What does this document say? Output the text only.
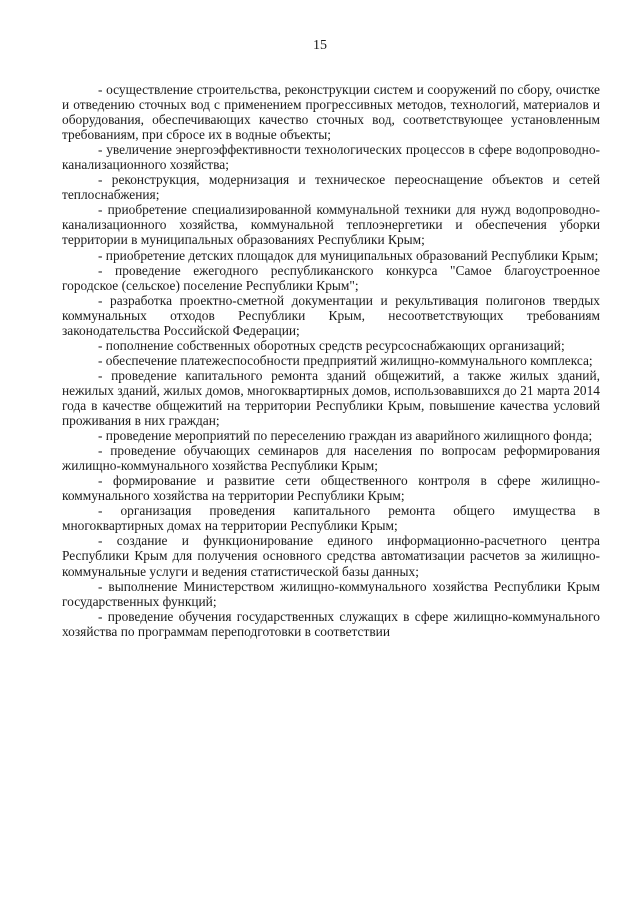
15

- осуществление строительства, реконструкции систем и сооружений по сбору, очистке и отведению сточных вод с применением прогрессивных методов, технологий, материалов и оборудования, обеспечивающих качество сточных вод, соответствующее установленным требованиям, при сбросе их в водные объекты;

- увеличение энергоэффективности технологических процессов в сфере водопроводно-канализационного хозяйства;

- реконструкция, модернизация и техническое переоснащение объектов и сетей теплоснабжения;

- приобретение специализированной коммунальной техники для нужд водопроводно-канализационного хозяйства, коммунальной теплоэнергетики и обеспечения уборки территории в муниципальных образованиях Республики Крым;

- приобретение детских площадок для муниципальных образований Республики Крым;

- проведение ежегодного республиканского конкурса "Самое благоустроенное городское (сельское) поселение Республики Крым";

- разработка проектно-сметной документации и рекультивация полигонов твердых коммунальных отходов Республики Крым, несоответствующих требованиям законодательства Российской Федерации;

- пополнение собственных оборотных средств ресурсоснабжающих организаций;

- обеспечение платежеспособности предприятий жилищно-коммунального комплекса;

- проведение капитального ремонта зданий общежитий, а также жилых зданий, нежилых зданий, жилых домов, многоквартирных домов, использовавшихся до 21 марта 2014 года в качестве общежитий на территории Республики Крым, повышение качества условий проживания в них граждан;

- проведение мероприятий по переселению граждан из аварийного жилищного фонда;

- проведение обучающих семинаров для населения по вопросам реформирования жилищно-коммунального хозяйства Республики Крым;

- формирование и развитие сети общественного контроля в сфере жилищно-коммунального хозяйства на территории Республики Крым;

- организация проведения капитального ремонта общего имущества в многоквартирных домах на территории Республики Крым;

- создание и функционирование единого информационно-расчетного центра Республики Крым для получения основного средства автоматизации расчетов за жилищно-коммунальные услуги и ведения статистической базы данных;

- выполнение Министерством жилищно-коммунального хозяйства Республики Крым государственных функций;

- проведение обучения государственных служащих в сфере жилищно-коммунального хозяйства по программам переподготовки в соответствии
